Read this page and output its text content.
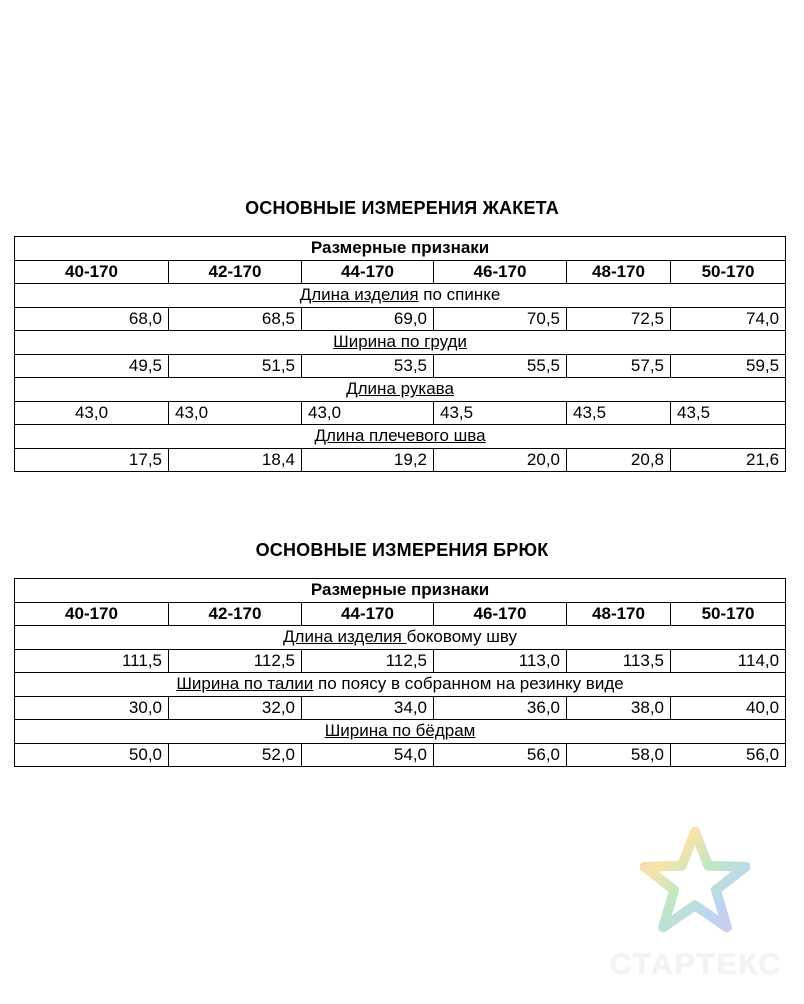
ОСНОВНЫЕ ИЗМЕРЕНИЯ ЖАКЕТА
Размерные признаки					
40-170	42-170	44-170	46-170	48-170	50-170
Длина изделия по спинке					
68,0	68,5	69,0	70,5	72,5	74,0
Ширина по груди					
49,5	51,5	53,5	55,5	57,5	59,5
Длина рукава					
43,0	43,0	43,0	43,5	43,5	43,5
Длина плечевого шва					
17,5	18,4	19,2	20,0	20,8	21,6
ОСНОВНЫЕ ИЗМЕРЕНИЯ БРЮК
Размерные признаки					
40-170	42-170	44-170	46-170	48-170	50-170
Длина изделия боковому шву					
111,5	112,5	112,5	113,0	113,5	114,0
Ширина по талии по поясу в собранном на резинку виде					
30,0	32,0	34,0	36,0	38,0	40,0
Ширина по бёдрам					
50,0	52,0	54,0	56,0	58,0	56,0
СТАРТЕКС
